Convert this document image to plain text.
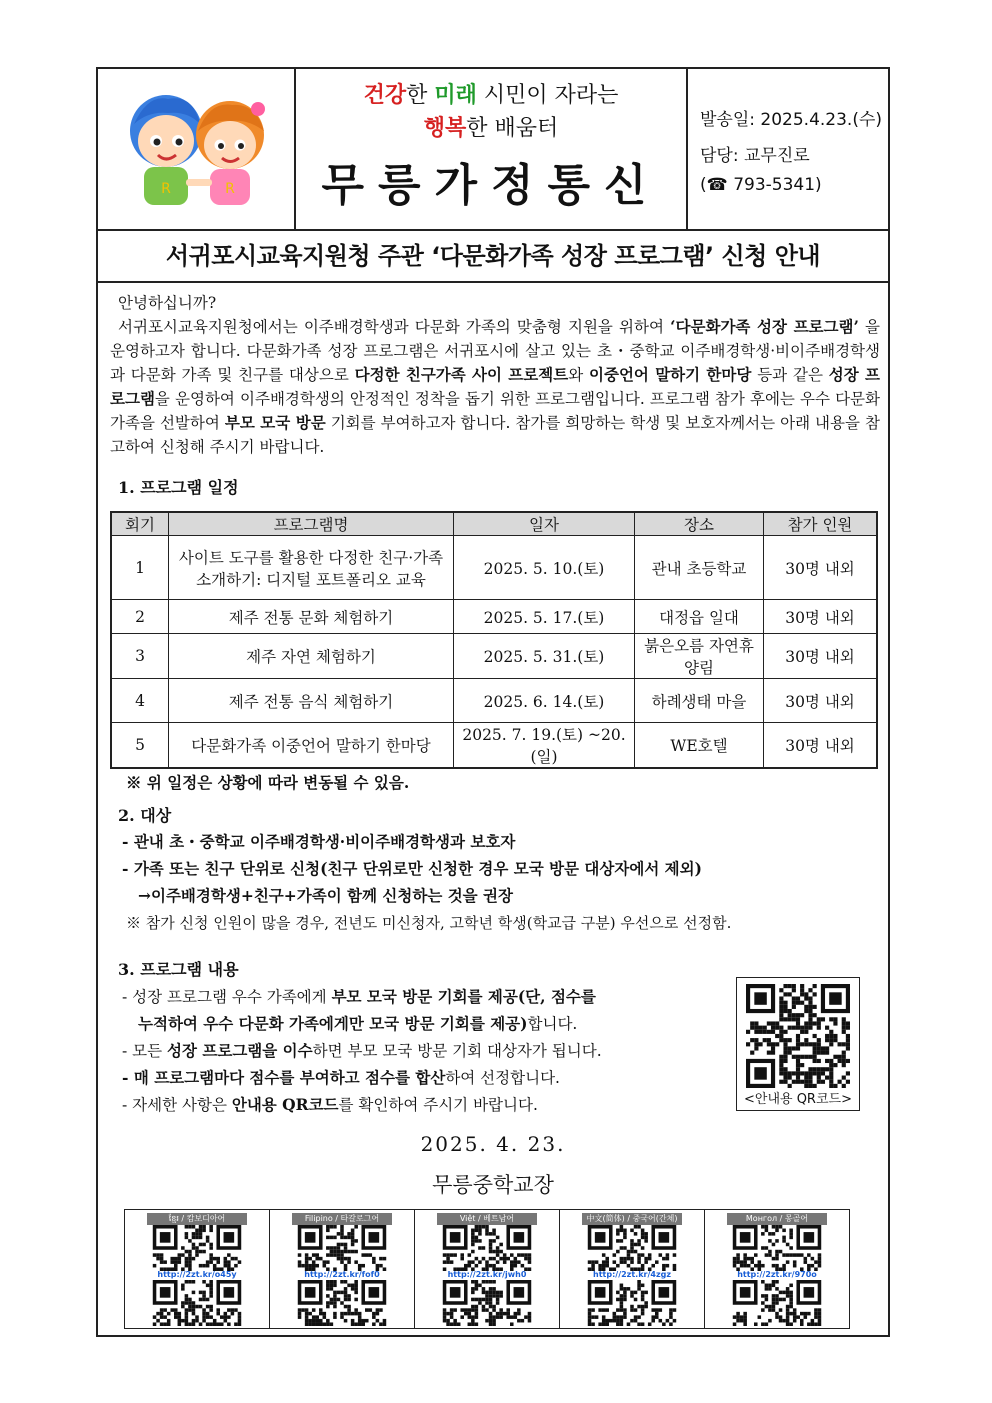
R	R
건강한 미래 시민이 자라는
행복한 배움터
무릉가정통신
발송일: 2025.4.23.(수)
담당: 교무진로
(☎ 793-5341)
서귀포시교육지원청 주관 ‘다문화가족 성장 프로그램’ 신청 안내
안녕하십니까?
서귀포시교육지원청에서는 이주배경학생과 다문화 가족의 맞춤형 지원을 위하여 ‘다문화가족 성장 프로그램’ 을 운영하고자 합니다. 다문화가족 성장 프로그램은 서귀포시에 살고 있는 초・중학교 이주배경학생·비이주배경학생과 다문화 가족 및 친구를 대상으로 다정한 친구가족 사이 프로젝트와 이중언어 말하기 한마당 등과 같은 성장 프로그램을 운영하여 이주배경학생의 안정적인 정착을 돕기 위한 프로그램입니다. 프로그램 참가 후에는 우수 다문화 가족을 선발하여 부모 모국 방문 기회를 부여하고자 합니다. 참가를 희망하는 학생 및 보호자께서는 아래 내용을 참고하여 신청해 주시기 바랍니다.
1. 프로그램 일정
회기	프로그램명	일자	장소	참가 인원
1	사이트 도구를 활용한 다정한 친구·가족 소개하기: 디지털 포트폴리오 교육	2025. 5. 10.(토)	관내 초등학교	30명 내외
2	제주 전통 문화 체험하기	2025. 5. 17.(토)	대정읍 일대	30명 내외
3	제주 자연 체험하기	2025. 5. 31.(토)	붉은오름 자연휴양림	30명 내외
4	제주 전통 음식 체험하기	2025. 6. 14.(토)	하례생태 마을	30명 내외
5	다문화가족 이중언어 말하기 한마당	2025. 7. 19.(토) ~20.(일)	WE호텔	30명 내외
※ 위 일정은 상황에 따라 변동될 수 있음.
2. 대상
- 관내 초・중학교 이주배경학생·비이주배경학생과 보호자
- 가족 또는 친구 단위로 신청(친구 단위로만 신청한 경우 모국 방문 대상자에서 제외)
→이주배경학생+친구+가족이 함께 신청하는 것을 권장
※ 참가 신청 인원이 많을 경우, 전년도 미신청자, 고학년 학생(학교급 구분) 우선으로 선정함.
3. 프로그램 내용
- 성장 프로그램 우수 가족에게 부모 모국 방문 기회를 제공(단, 점수를
누적하여 우수 다문화 가족에게만 모국 방문 기회를 제공)합니다.
- 모든 성장 프로그램을 이수하면 부모 모국 방문 기회 대상자가 됩니다.
- 매 프로그램마다 점수를 부여하고 점수를 합산하여 선정합니다.
- 자세한 사항은 안내용 QR코드를 확인하여 주시기 바랍니다.	<안내용 QR코드>
2025. 4. 23.
무릉중학교장
ខ្មែរ / 캄보디아어
http://2zt.kr/o45y
Filipino / 타갈로그어
http://2zt.kr/fof0
Việt / 베트남어
http://2zt.kr/jwh0
中文(简体) / 중국어(간체)
http://2zt.kr/4zgz
Монгол / 몽골어
http://2zt.kr/970o
